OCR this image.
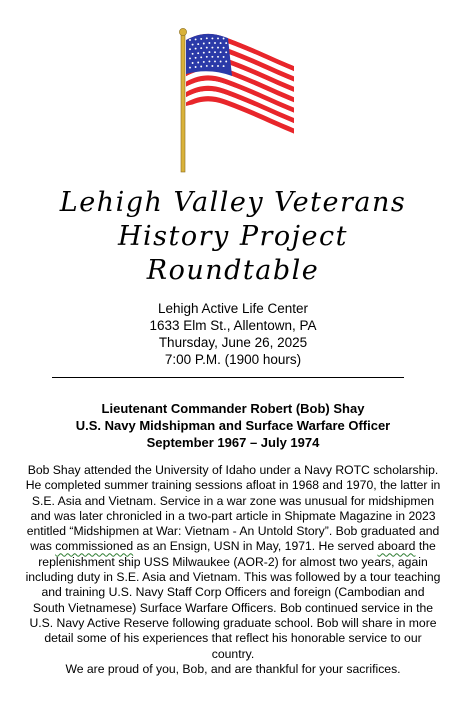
Lehigh Valley Veterans
History Project
Roundtable
Lehigh Active Life Center
1633 Elm St., Allentown, PA
Thursday, June 26, 2025
7:00 P.M. (1900 hours)
Lieutenant Commander Robert (Bob) Shay
U.S. Navy Midshipman and Surface Warfare Officer
September 1967 – July 1974

Bob Shay attended the University of Idaho under a Navy ROTC scholarship. He completed summer training sessions afloat in 1968 and 1970, the latter in S.E. Asia and Vietnam. Service in a war zone was unusual for midshipmen and was later chronicled in a two-part article in Shipmate Magazine in 2023 entitled “Midshipmen at War: Vietnam - An Untold Story”. Bob graduated and was commissioned as an Ensign, USN in May, 1971. He served aboard the replenishment ship USS Milwaukee (AOR-2) for almost two years, again including duty in S.E. Asia and Vietnam. This was followed by a tour teaching and training U.S. Navy Staff Corp Officers and foreign (Cambodian and South Vietnamese) Surface Warfare Officers. Bob continued service in the U.S. Navy Active Reserve following graduate school. Bob will share in more detail some of his experiences that reflect his honorable service to our country.

We are proud of you, Bob, and are thankful for your sacrifices.
